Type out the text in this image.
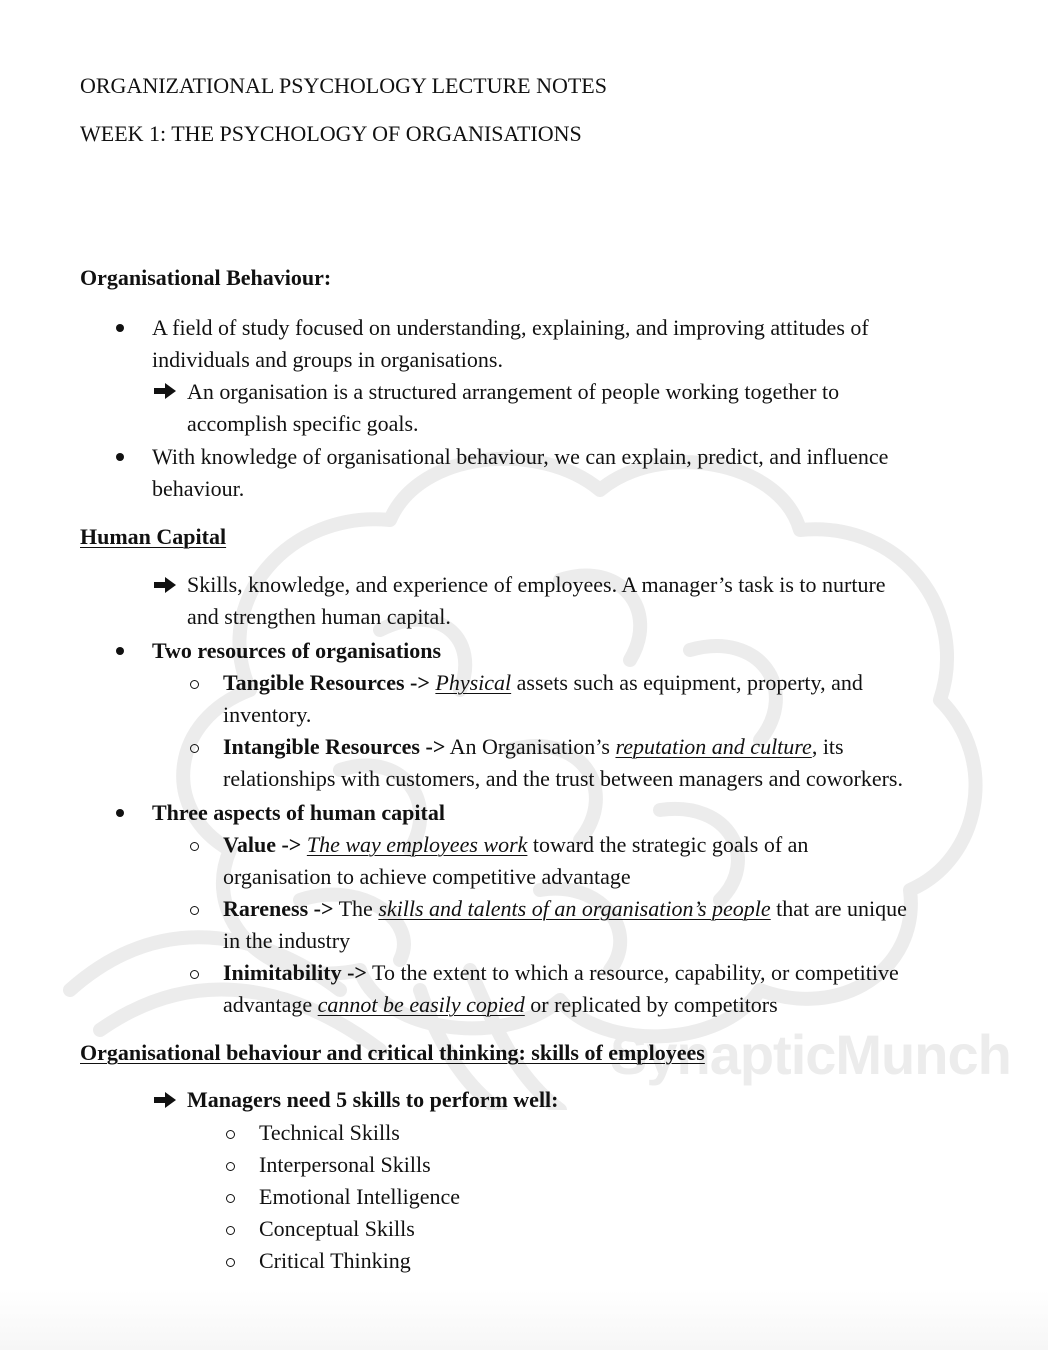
SynapticMunch
ORGANIZATIONAL PSYCHOLOGY LECTURE NOTES
WEEK 1: THE PSYCHOLOGY OF ORGANISATIONS
Organisational Behaviour:
A field of study focused on understanding, explaining, and improving attitudes of
individuals and groups in organisations.
An organisation is a structured arrangement of people working together to
accomplish specific goals.
With knowledge of organisational behaviour, we can explain, predict, and influence
behaviour.
Human Capital
Skills, knowledge, and experience of employees. A manager’s task is to nurture
and strengthen human capital.
Two resources of organisations
Tangible Resources -> Physical assets such as equipment, property, and
inventory.
Intangible Resources -> An Organisation’s reputation and culture, its
relationships with customers, and the trust between managers and coworkers.
Three aspects of human capital
Value -> The way employees work toward the strategic goals of an
organisation to achieve competitive advantage
Rareness -> The skills and talents of an organisation’s people that are unique
in the industry
Inimitability -> To the extent to which a resource, capability, or competitive
advantage cannot be easily copied or replicated by competitors
Organisational behaviour and critical thinking: skills of employees
Managers need 5 skills to perform well:
Technical Skills
Interpersonal Skills
Emotional Intelligence
Conceptual Skills
Critical Thinking
